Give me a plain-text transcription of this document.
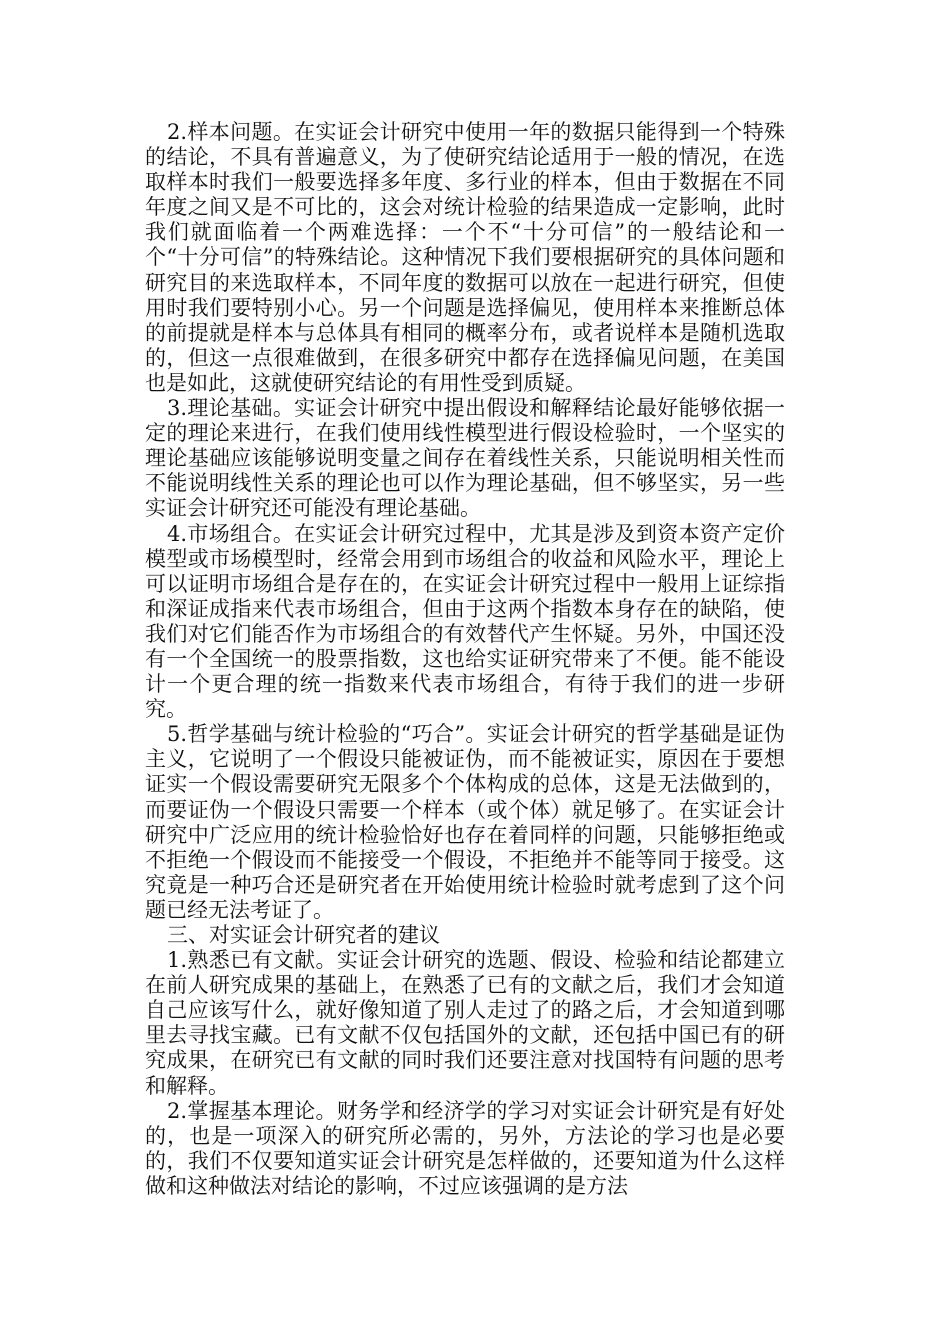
2.样本问题。在实证会计研究中使用一年的数据只能得到一个特殊的结论，不具有普遍意义，为了使研究结论适用于一般的情况，在选取样本时我们一般要选择多年度、多行业的样本，但由于数据在不同年度之间又是不可比的，这会对统计检验的结果造成一定影响，此时我们就面临着一个两难选择：一个不“十分可信”的一般结论和一个“十分可信”的特殊结论。这种情况下我们要根据研究的具体问题和研究目的来选取样本，不同年度的数据可以放在一起进行研究，但使用时我们要特别小心。另一个问题是选择偏见，使用样本来推断总体的前提就是样本与总体具有相同的概率分布，或者说样本是随机选取的，但这一点很难做到，在很多研究中都存在选择偏见问题，在美国也是如此，这就使研究结论的有用性受到质疑。

3.理论基础。实证会计研究中提出假设和解释结论最好能够依据一定的理论来进行，在我们使用线性模型进行假设检验时，一个坚实的理论基础应该能够说明变量之间存在着线性关系，只能说明相关性而不能说明线性关系的理论也可以作为理论基础，但不够坚实，另一些实证会计研究还可能没有理论基础。

4.市场组合。在实证会计研究过程中，尤其是涉及到资本资产定价模型或市场模型时，经常会用到市场组合的收益和风险水平，理论上可以证明市场组合是存在的，在实证会计研究过程中一般用上证综指和深证成指来代表市场组合，但由于这两个指数本身存在的缺陷，使我们对它们能否作为市场组合的有效替代产生怀疑。另外，中国还没有一个全国统一的股票指数，这也给实证研究带来了不便。能不能设计一个更合理的统一指数来代表市场组合，有待于我们的进一步研究。

5.哲学基础与统计检验的“巧合”。实证会计研究的哲学基础是证伪主义，它说明了一个假设只能被证伪，而不能被证实，原因在于要想证实一个假设需要研究无限多个个体构成的总体，这是无法做到的，而要证伪一个假设只需要一个样本（或个体）就足够了。在实证会计研究中广泛应用的统计检验恰好也存在着同样的问题，只能够拒绝或不拒绝一个假设而不能接受一个假设，不拒绝并不能等同于接受。这究竟是一种巧合还是研究者在开始使用统计检验时就考虑到了这个问题已经无法考证了。

三、对实证会计研究者的建议

1.熟悉已有文献。实证会计研究的选题、假设、检验和结论都建立在前人研究成果的基础上，在熟悉了已有的文献之后，我们才会知道自己应该写什么，就好像知道了别人走过了的路之后，才会知道到哪里去寻找宝藏。已有文献不仅包括国外的文献，还包括中国已有的研究成果，在研究已有文献的同时我们还要注意对找国特有问题的思考和解释。

2.掌握基本理论。财务学和经济学的学习对实证会计研究是有好处的，也是一项深入的研究所必需的，另外，方法论的学习也是必要的，我们不仅要知道实证会计研究是怎样做的，还要知道为什么这样做和这种做法对结论的影响，不过应该强调的是方法
